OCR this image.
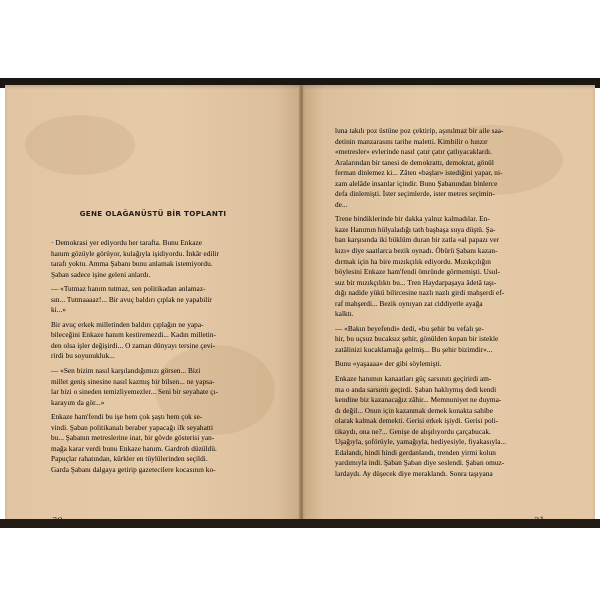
GENE OLAĞANÜSTÜ BİR TOPLANTI
· Demokrasi yer ediyordu her tarafta. Bunu Enkaze
hanım gözüyle görüyor, kulağıyla işidiyordu. İnkâr edilir
tarafı yoktu. Amma Şabanı bunu anlamak istemiyordu.
Şaban sadece işine geleni anlardı.
— «Tutmaz hanım tutmaz, sen politikadan anlamaz-
sın... Tutmaaaaz!... Bir avuç baldırı çıplak ne yapabilir
ki...»
Bir avuç erkek milletinden baldırı çıplağın ne yapa-
bileceğini Enkaze hanım kestiremezdi... Kadın milletin-
den olsa işler değişirdi... O zaman dünyayı tersine çevi-
rirdi bu soyunukluk...
— «Sen bizim nasıl karşılandığımızı görsen... Bizi
millet geniş sinesine nasıl kazmış bir bilsen... ne yapsa-
lar bizi o sineden temizliyemezler... Seni bir seyahate çı-
karayım da gör...»
Enkaze ham'fendi bu işe hem çok şaştı hem çok se-
vindi. Şaban politikanalı beraber yapacağı ilk seyahatti
bu... Şabanın metreslerine inat, bir gövde gösterisi yan-
mağa karar verdi bunu Enkaze hanım. Gardrob düzüldü.
Papuçlar rahatından, kürkler en tüylülerinden seçildi.
Garda Şabanı dalgaya getirip gazetecilere kocasının ko-
luna takılı poz üstüne poz çektirip, aşınılmaz bir aile saa-
detinin manzarasını tarihe maletti. Kimbilir o hınzır
«metresler» evlerinde nasıl çatır çatır çatlıyacaklardı.
Aralarından bir tanesi de demokrattı, demokrat, gönül
ferman dinlemez ki... Zâten «başlar» istediğini yapar, ni-
zam alelâde insanlar içindir. Bunu Şabanından binlerce
defa dinlemişti. İster seçimlerde, ister metres seçimin-
de...
Trene bindiklerinde bir dakka yalnız kalmadılar. En-
kaze Hanımın hülyaladığı tath başbaşa suya düştü. Şa-
ban karşısında iki büklüm duran bir zatla «al papazı ver
kızı» diye saatlarca bezik oynadı. Öbürü Şabanı kazan-
dırmak için ha bire mızıkçılık ediyordu. Mızıkçılığın
böylesini Enkaze ham'fendi ömründe görmemişti. Usul-
suz bir mızıkçılıktı bu... Tren Haydarpaşaya âdetâ taşı-
dığı nadide yükü bilircesine nazlı nazlı girdi mahşerdi ef-
raf mahşerdi... Bezik oynıyan zat ciddiyetle ayağa
kalktı.
— «Bakın beyefendi» dedi, «bu şehir bu vefalı şe-
hir, bu uçsuz bucaksız şehir, gönülden kopan bir istekle
zatâlinizi kucaklamağa gelmiş... Bu şehir bizimdir»...
Bunu «yaşaaaa» der gibi söylemişti.
Enkaze hanımın kanaatları güç sarsınıtı geçirirdi am-
ma o anda sarsıntı geçirdi. Şaban haklıymış dedi kendi
kendine biz kazanacağız zâhir... Memnuniyet ne duyma-
dı değil... Onun için kazanmak demek konakta sahibe
olarak kalmak demekti. Gerisi erkek işiydi. Gerisi poli-
tikaydı, ona ne?... Genişe de alışılıyordu çarçabucak.
Uşağıyla, şoförüyle, yamağıyla, hediyesiyle, fiyakasıyla...
Edalandı, hindi hindi gerdanlandı, trenden yirmi kolun
yardımıyla indi. Şaban Şaban diye seslendi. Şaban omuz-
lardaydı. Ay düşecek diye meraklandı. Sonra taşıyana
